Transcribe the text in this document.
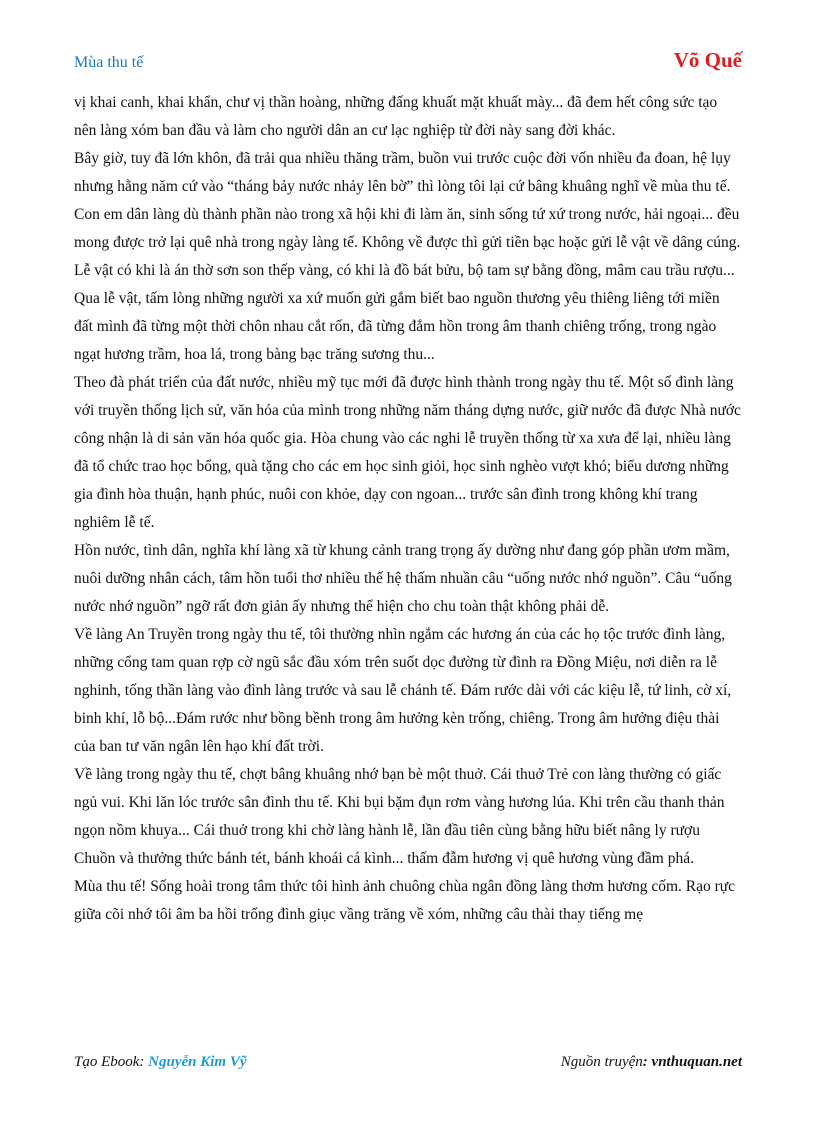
Mùa thu tế	Võ Quế

vị khai canh, khai khẩn, chư vị thần hoàng, những đấng khuất mặt khuất mày... đã đem hết công sức tạo nên làng xóm ban đầu và làm cho người dân an cư lạc nghiệp từ đời này sang đời khác.

Bây giờ, tuy đã lớn khôn, đã trải qua nhiều thăng trầm, buồn vui trước cuộc đời vốn nhiều đa đoan, hệ lụy nhưng hằng năm cứ vào “tháng bảy nước nhảy lên bờ” thì lòng tôi lại cứ bâng khuâng nghĩ về mùa thu tế.

Con em dân làng dù thành phần nào trong xã hội khi đi làm ăn, sinh sống tứ xứ trong nước, hải ngoại... đều mong được trở lại quê nhà trong ngày làng tế. Không về được thì gửi tiền bạc hoặc gửi lễ vật về dâng cúng. Lễ vật có khi là án thờ sơn son thếp vàng, có khi là đồ bát bửu, bộ tam sự bằng đồng, mâm cau trầu rượu...

Qua lễ vật, tấm lòng những người xa xứ muốn gửi gắm biết bao nguồn thương yêu thiêng liêng tới miền đất mình đã từng một thời chôn nhau cắt rốn, đã từng đắm hồn trong âm thanh chiêng trống, trong ngào ngạt hương trầm, hoa lá, trong bàng bạc trăng sương thu...

Theo đà phát triển của đất nước, nhiều mỹ tục mới đã được hình thành trong ngày thu tế. Một số đình làng với truyền thống lịch sử, văn hóa của mình trong những năm tháng dựng nước, giữ nước đã được Nhà nước công nhận là di sản văn hóa quốc gia. Hòa chung vào các nghi lễ truyền thống từ xa xưa để lại, nhiều làng đã tổ chức trao học bổng, quà tặng cho các em học sinh giỏi, học sinh nghèo vượt khó; biểu dương những gia đình hòa thuận, hạnh phúc, nuôi con khỏe, dạy con ngoan... trước sân đình trong không khí trang nghiêm lễ tế.

Hồn nước, tình dân, nghĩa khí làng xã từ khung cảnh trang trọng ấy dường như đang góp phần ươm mầm, nuôi dưỡng nhân cách, tâm hồn tuổi thơ nhiều thế hệ thấm nhuần câu “uống nước nhớ nguồn”. Câu “uống nước nhớ nguồn” ngỡ rất đơn giản ấy nhưng thể hiện cho chu toàn thật không phải dễ.

Về làng An Truyền trong ngày thu tế, tôi thường nhìn ngắm các hương án của các họ tộc trước đình làng, những cổng tam quan rợp cờ ngũ sắc đầu xóm trên suốt dọc đường từ đình ra Đồng Miệu, nơi diễn ra lễ nghinh, tống thần làng vào đình làng trước và sau lễ chánh tế. Đám rước dài với các kiệu lễ, tứ linh, cờ xí, binh khí, lỗ bộ...Đám rước như bồng bềnh trong âm hưởng kèn trống, chiêng. Trong âm hưởng điệu thài của ban tư văn ngân lên hạo khí đất trời.

Về làng trong ngày thu tế, chợt bâng khuâng nhớ bạn bè một thuở. Cái thuở Trẻ con làng thường có giấc ngủ vui. Khi lăn lóc trước sân đình thu tế. Khi bụi bặm đụn rơm vàng hương lúa. Khi trên cầu thanh thản ngọn nồm khuya... Cái thuở trong khi chờ làng hành lễ, lần đầu tiên cùng bằng hữu biết nâng ly rượu Chuồn và thưởng thức bánh tét, bánh khoái cá kình... thấm đẫm hương vị quê hương vùng đầm phá.

Mùa thu tế! Sống hoài trong tâm thức tôi hình ảnh chuông chùa ngân đồng làng thơm hương cốm. Rạo rực giữa cõi nhớ tôi âm ba hồi trống đình giục vầng trăng về xóm, những câu thài thay tiếng mẹ

Tạo Ebook: Nguyễn Kim Vỹ	Nguồn truyện: vnthuquan.net
